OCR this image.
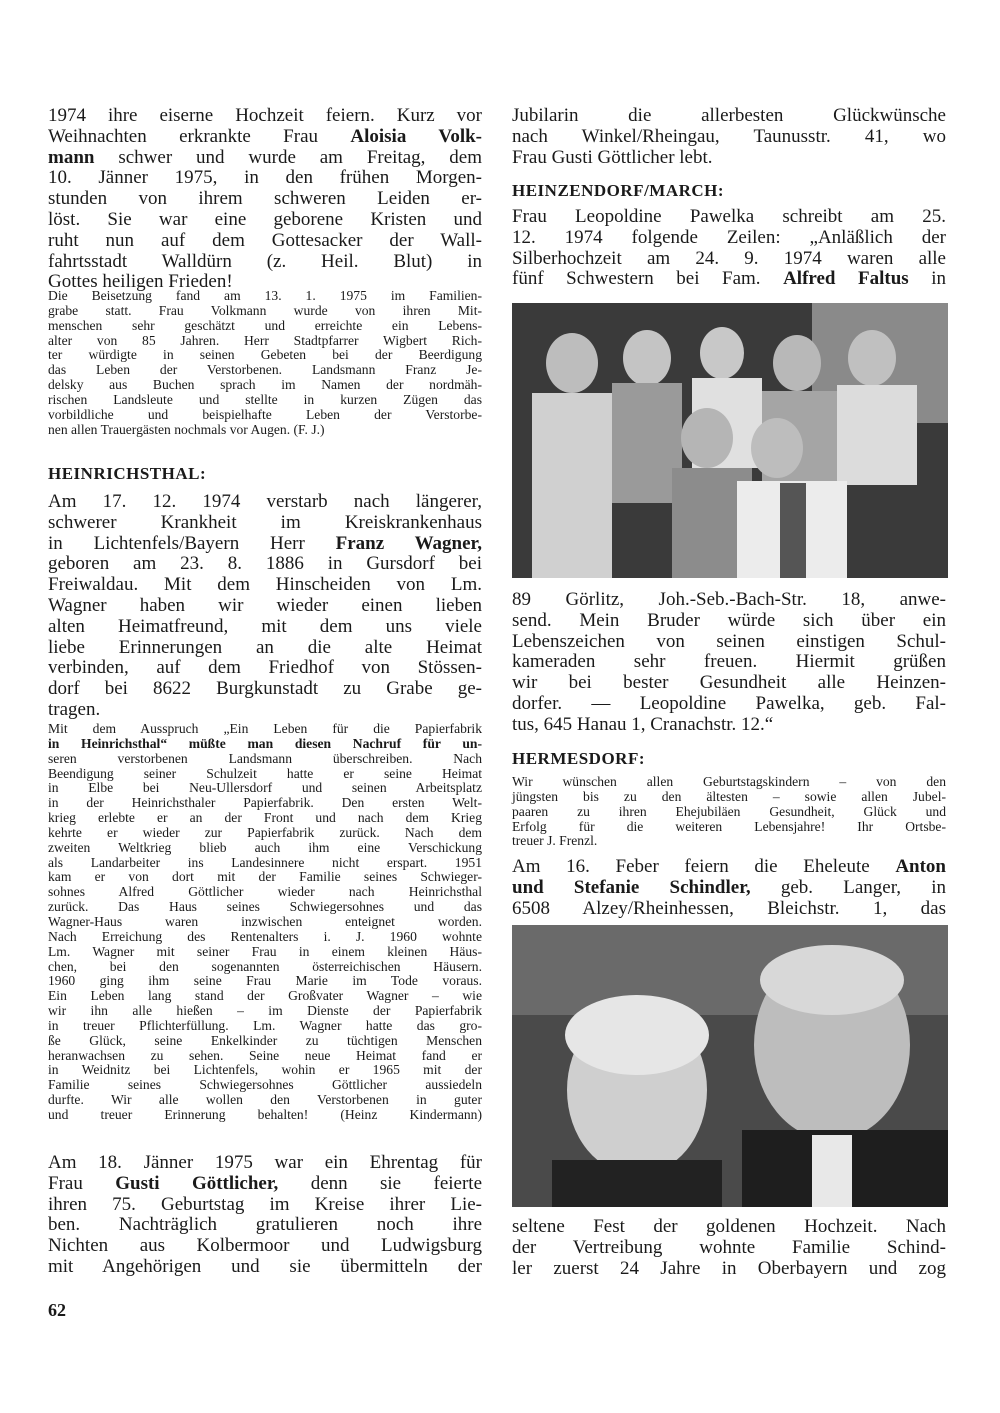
1974 ihre eiserne Hochzeit feiern. Kurz vor
Weihnachten erkrankte Frau Aloisia Volk-
mann schwer und wurde am Freitag, dem
10. Jänner 1975, in den frühen Morgen-
stunden von ihrem schweren Leiden er-
löst. Sie war eine geborene Kristen und
ruht nun auf dem Gottesacker der Wall-
fahrtsstadt Walldürn (z. Heil. Blut) in
Gottes heiligen Frieden!
Die Beisetzung fand am 13. 1. 1975 im Familien-
grabe statt. Frau Volkmann wurde von ihren Mit-
menschen sehr geschätzt und erreichte ein Lebens-
alter von 85 Jahren. Herr Stadtpfarrer Wigbert Rich-
ter würdigte in seinen Gebeten bei der Beerdigung
das Leben der Verstorbenen. Landsmann Franz Je-
delsky aus Buchen sprach im Namen der nordmäh-
rischen Landsleute und stellte in kurzen Zügen das
vorbildliche und beispielhafte Leben der Verstorbe-
nen allen Trauergästen nochmals vor Augen. (F. J.)
HEINRICHSTHAL:
Am 17. 12. 1974 verstarb nach längerer,
schwerer Krankheit im Kreiskrankenhaus
in Lichtenfels/Bayern Herr Franz Wagner,
geboren am 23. 8. 1886 in Gursdorf bei
Freiwaldau. Mit dem Hinscheiden von Lm.
Wagner haben wir wieder einen lieben
alten Heimatfreund, mit dem uns viele
liebe Erinnerungen an die alte Heimat
verbinden, auf dem Friedhof von Stössen-
dorf bei 8622 Burgkunstadt zu Grabe ge-
tragen.
Mit dem Ausspruch „Ein Leben für die Papierfabrik
in Heinrichsthal“ müßte man diesen Nachruf für un-
seren verstorbenen Landsmann überschreiben. Nach
Beendigung seiner Schulzeit hatte er seine Heimat
in Elbe bei Neu-Ullersdorf und seinen Arbeitsplatz
in der Heinrichsthaler Papierfabrik. Den ersten Welt-
krieg erlebte er an der Front und nach dem Krieg
kehrte er wieder zur Papierfabrik zurück. Nach dem
zweiten Weltkrieg blieb auch ihm eine Verschickung
als Landarbeiter ins Landesinnere nicht erspart. 1951
kam er von dort mit der Familie seines Schwieger-
sohnes Alfred Göttlicher wieder nach Heinrichsthal
zurück. Das Haus seines Schwiegersohnes und das
Wagner-Haus waren inzwischen enteignet worden.
Nach Erreichung des Rentenalters i. J. 1960 wohnte
Lm. Wagner mit seiner Frau in einem kleinen Häus-
chen, bei den sogenannten österreichischen Häusern.
1960 ging ihm seine Frau Marie im Tode voraus.
Ein Leben lang stand der Großvater Wagner – wie
wir ihn alle hießen – im Dienste der Papierfabrik
in treuer Pflichterfüllung. Lm. Wagner hatte das gro-
ße Glück, seine Enkelkinder zu tüchtigen Menschen
heranwachsen zu sehen. Seine neue Heimat fand er
in Weidnitz bei Lichtenfels, wohin er 1965 mit der
Familie seines Schwiegersohnes Göttlicher aussiedeln
durfte. Wir alle wollen den Verstorbenen in guter
und treuer Erinnerung behalten! (Heinz Kindermann)
Am 18. Jänner 1975 war ein Ehrentag für
Frau Gusti Göttlicher, denn sie feierte
ihren 75. Geburtstag im Kreise ihrer Lie-
ben. Nachträglich gratulieren noch ihre
Nichten aus Kolbermoor und Ludwigsburg
mit Angehörigen und sie übermitteln der
62
Jubilarin die allerbesten Glückwünsche
nach Winkel/Rheingau, Taunusstr. 41, wo
Frau Gusti Göttlicher lebt.
HEINZENDORF/MARCH:
Frau Leopoldine Pawelka schreibt am 25.
12. 1974 folgende Zeilen: „Anläßlich der
Silberhochzeit am 24. 9. 1974 waren alle
fünf Schwestern bei Fam. Alfred Faltus in
89 Görlitz, Joh.-Seb.-Bach-Str. 18, anwe-
send. Mein Bruder würde sich über ein
Lebenszeichen von seinen einstigen Schul-
kameraden sehr freuen. Hiermit grüßen
wir bei bester Gesundheit alle Heinzen-
dorfer. — Leopoldine Pawelka, geb. Fal-
tus, 645 Hanau 1, Cranachstr. 12.“
HERMESDORF:
Wir wünschen allen Geburtstagskindern – von den
jüngsten bis zu den ältesten – sowie allen Jubel-
paaren zu ihren Ehejubiläen Gesundheit, Glück und
Erfolg für die weiteren Lebensjahre! Ihr Ortsbe-
treuer J. Frenzl.
Am 16. Feber feiern die Eheleute Anton
und Stefanie Schindler, geb. Langer, in
6508 Alzey/Rheinhessen, Bleichstr. 1, das
seltene Fest der goldenen Hochzeit. Nach
der Vertreibung wohnte Familie Schind-
ler zuerst 24 Jahre in Oberbayern und zog
